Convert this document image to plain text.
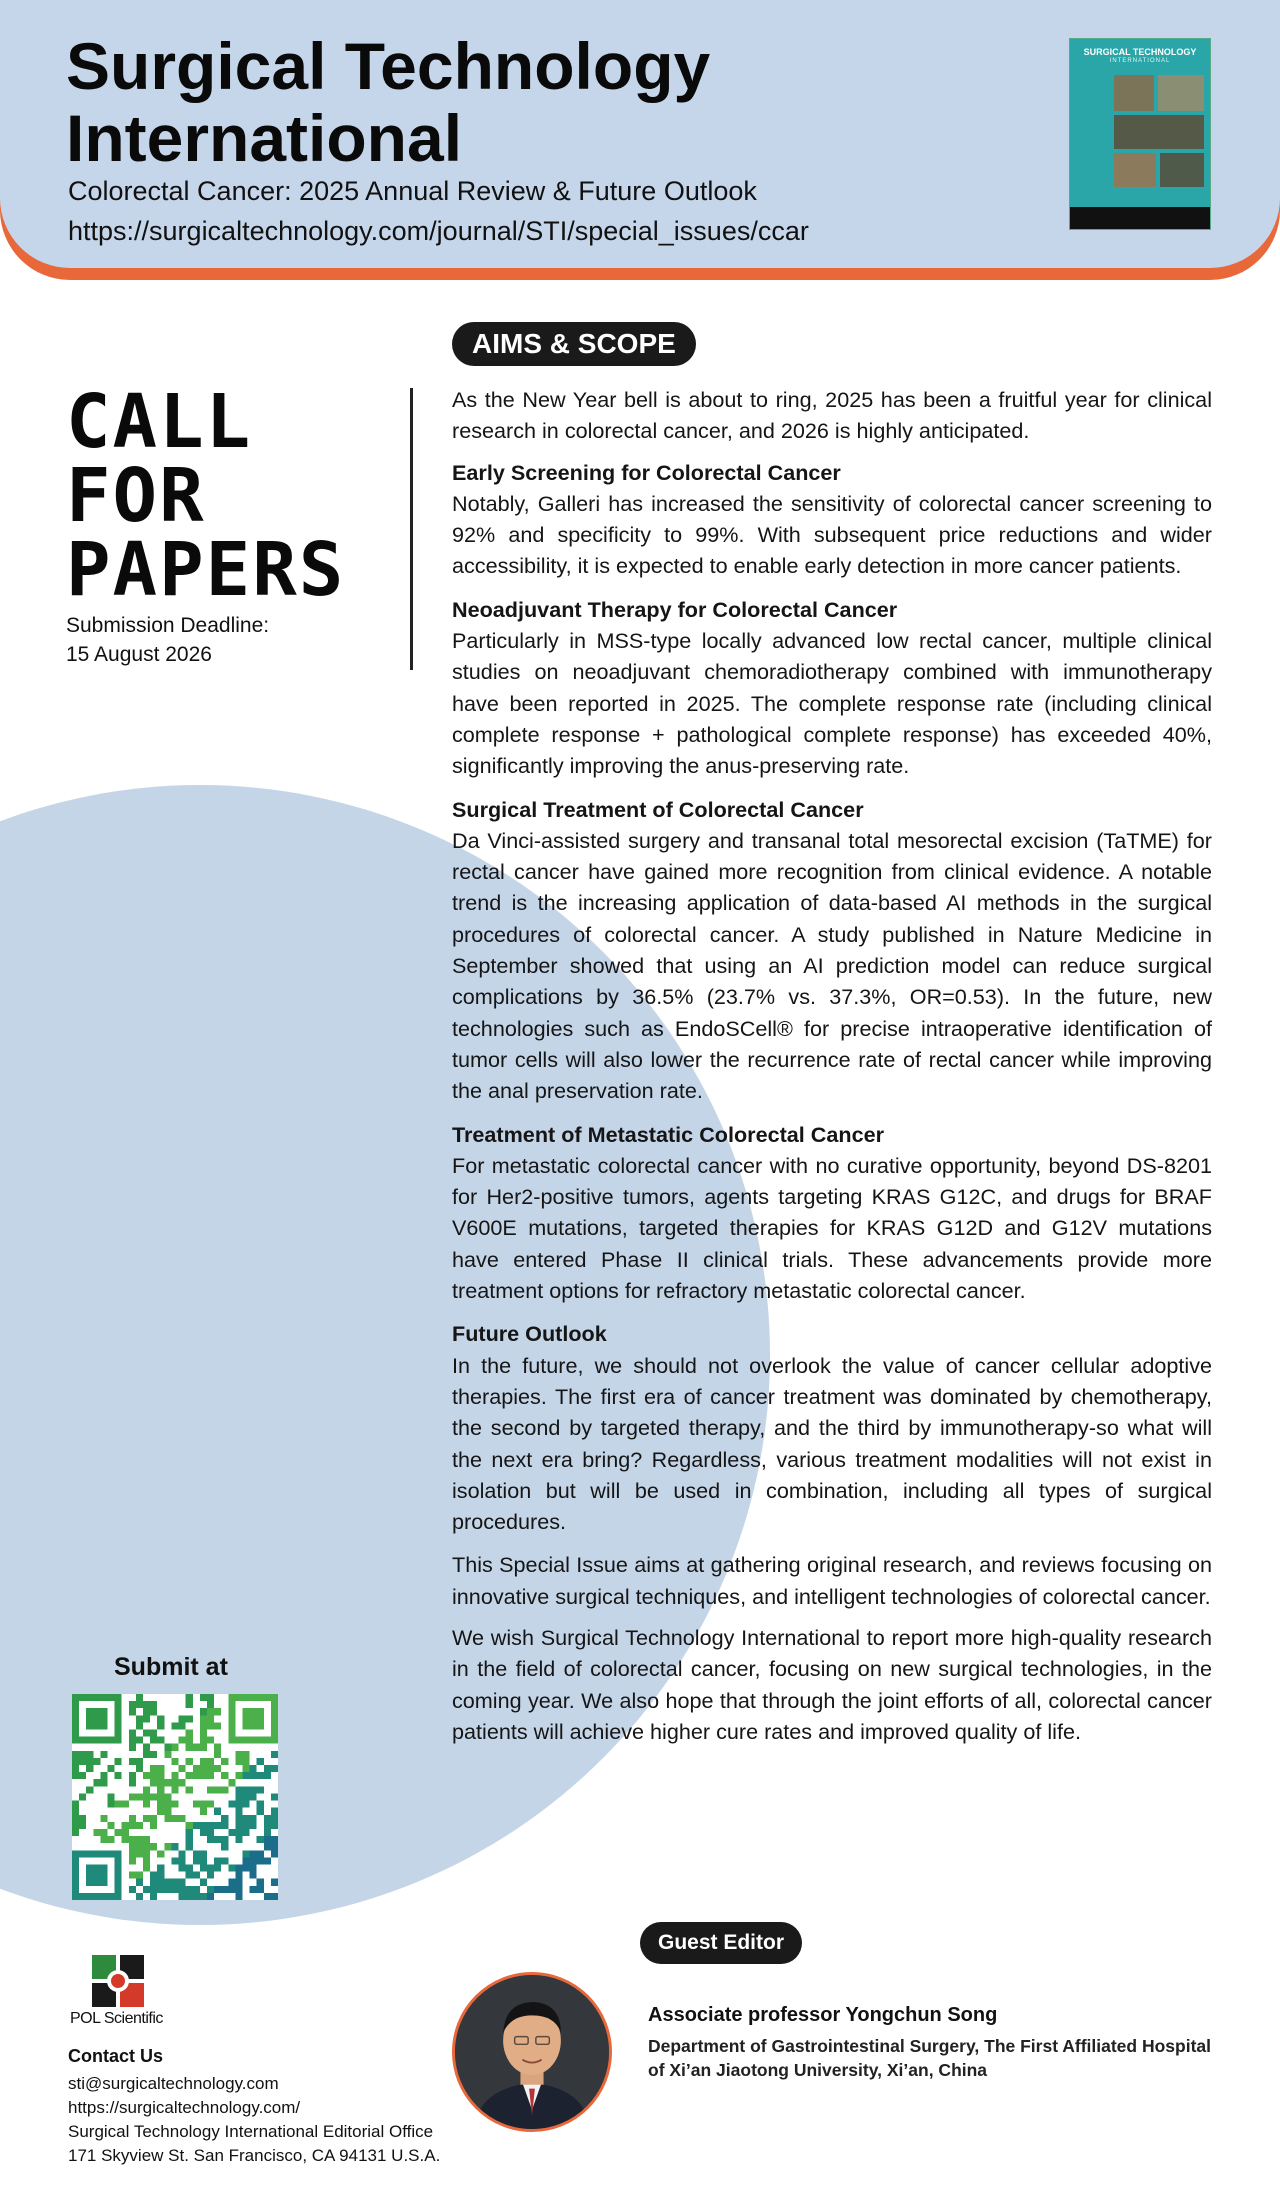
Surgical Technology
International
Colorectal Cancer: 2025 Annual Review & Future Outlook
https://surgicaltechnology.com/journal/STI/special_issues/ccar
SURGICAL TECHNOLOGY
INTERNATIONAL
CALL
FOR
PAPERS
Submission Deadline:
15 August 2026
AIMS & SCOPE

As the New Year bell is about to ring, 2025 has been a fruitful year for clinical research in colorectal cancer, and 2026 is highly anticipated.

Early Screening for Colorectal Cancer

Notably, Galleri has increased the sensitivity of colorectal cancer screening to 92% and specificity to 99%. With subsequent price reductions and wider accessibility, it is expected to enable early detection in more cancer patients.

Neoadjuvant Therapy for Colorectal Cancer

Particularly in MSS-type locally advanced low rectal cancer, multiple clinical studies on neoadjuvant chemoradiotherapy combined with immunotherapy have been reported in 2025. The complete response rate (including clinical complete response + pathological complete response) has exceeded 40%, significantly improving the anus-preserving rate.

Surgical Treatment of Colorectal Cancer

Da Vinci-assisted surgery and transanal total mesorectal excision (TaTME) for rectal cancer have gained more recognition from clinical evidence. A notable trend is the increasing application of data-based AI methods in the surgical procedures of colorectal cancer. A study published in Nature Medicine in September showed that using an AI prediction model can reduce surgical complications by 36.5% (23.7% vs. 37.3%, OR=0.53). In the future, new technologies such as EndoSCell® for precise intraoperative identification of tumor cells will also lower the recurrence rate of rectal cancer while improving the anal preservation rate.

Treatment of Metastatic Colorectal Cancer

For metastatic colorectal cancer with no curative opportunity, beyond DS-8201 for Her2-positive tumors, agents targeting KRAS G12C, and drugs for BRAF V600E mutations, targeted therapies for KRAS G12D and G12V mutations have entered Phase II clinical trials. These advancements provide more treatment options for refractory metastatic colorectal cancer.

Future Outlook

In the future, we should not overlook the value of cancer cellular adoptive therapies. The first era of cancer treatment was dominated by chemotherapy, the second by targeted therapy, and the third by immunotherapy-so what will the next era bring? Regardless, various treatment modalities will not exist in isolation but will be used in combination, including all types of surgical procedures.

This Special Issue aims at gathering original research, and reviews focusing on innovative surgical techniques, and intelligent technologies of colorectal cancer.

We wish Surgical Technology International to report more high-quality research in the field of colorectal cancer, focusing on new surgical technologies, in the coming year. We also hope that through the joint efforts of all, colorectal cancer patients will achieve higher cure rates and improved quality of life.

Submit at
POL Scientific
Contact Us
sti@surgicaltechnology.com
https://surgicaltechnology.com/
Surgical Technology International Editorial Office
171 Skyview St. San Francisco, CA 94131 U.S.A.
Guest Editor
Associate professor Yongchun Song
Department of Gastrointestinal Surgery, The First Affiliated Hospital of Xi’an Jiaotong University, Xi’an, China
